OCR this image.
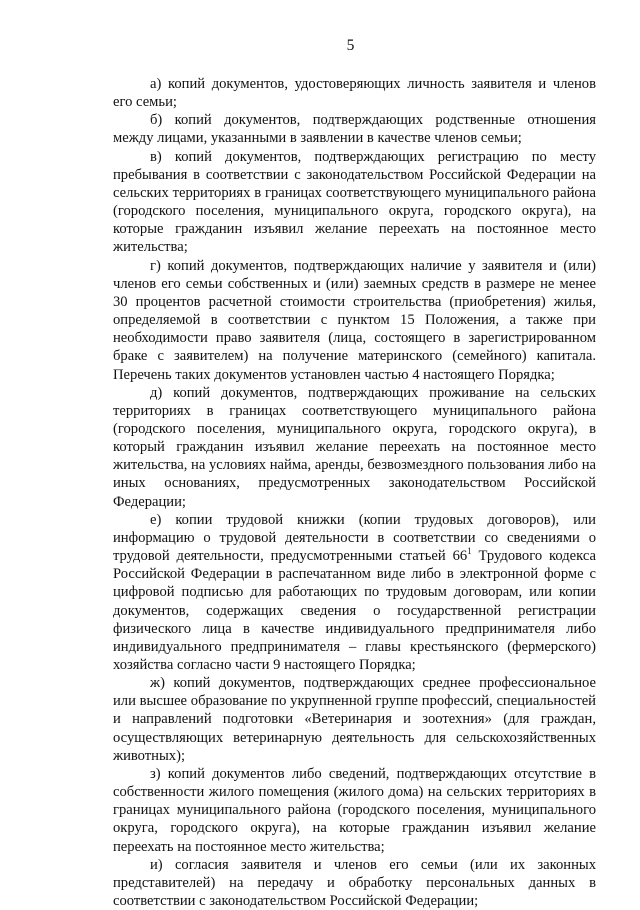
5

а) копий документов, удостоверяющих личность заявителя и членов его семьи;

б) копий документов, подтверждающих родственные отношения между лицами, указанными в заявлении в качестве членов семьи;

в) копий документов, подтверждающих регистрацию по месту пребывания в соответствии с законодательством Российской Федерации на сельских территориях в границах соответствующего муниципального района (городского поселения, муниципального округа, городского округа), на которые гражданин изъявил желание переехать на постоянное место жительства;

г) копий документов, подтверждающих наличие у заявителя и (или) членов его семьи собственных и (или) заемных средств в размере не менее 30 процентов расчетной стоимости строительства (приобретения) жилья, определяемой в соответствии с пунктом 15 Положения, а также при необходимости право заявителя (лица, состоящего в зарегистрированном браке с заявителем) на получение материнского (семейного) капитала. Перечень таких документов установлен частью 4 настоящего Порядка;

д) копий документов, подтверждающих проживание на сельских территориях в границах соответствующего муниципального района (городского поселения, муниципального округа, городского округа), в который гражданин изъявил желание переехать на постоянное место жительства, на условиях найма, аренды, безвозмездного пользования либо на иных основаниях, предусмотренных законодательством Российской Федерации;

е) копии трудовой книжки (копии трудовых договоров), или информацию о трудовой деятельности в соответствии со сведениями о трудовой деятельности, предусмотренными статьей $66^1$ Трудового кодекса Российской Федерации в распечатанном виде либо в электронной форме с цифровой подписью для работающих по трудовым договорам, или копии документов, содержащих сведения о государственной регистрации физического лица в качестве индивидуального предпринимателя либо индивидуального предпринимателя – главы крестьянского (фермерского) хозяйства согласно части 9 настоящего Порядка;

ж) копий документов, подтверждающих среднее профессиональное или высшее образование по укрупненной группе профессий, специальностей и направлений подготовки «Ветеринария и зоотехния» (для граждан, осуществляющих ветеринарную деятельность для сельскохозяйственных животных);

з) копий документов либо сведений, подтверждающих отсутствие в собственности жилого помещения (жилого дома) на сельских территориях в границах муниципального района (городского поселения, муниципального округа, городского округа), на которые гражданин изъявил желание переехать на постоянное место жительства;

и) согласия заявителя и членов его семьи (или их законных представителей) на передачу и обработку персональных данных в соответствии с законодательством Российской Федерации;
